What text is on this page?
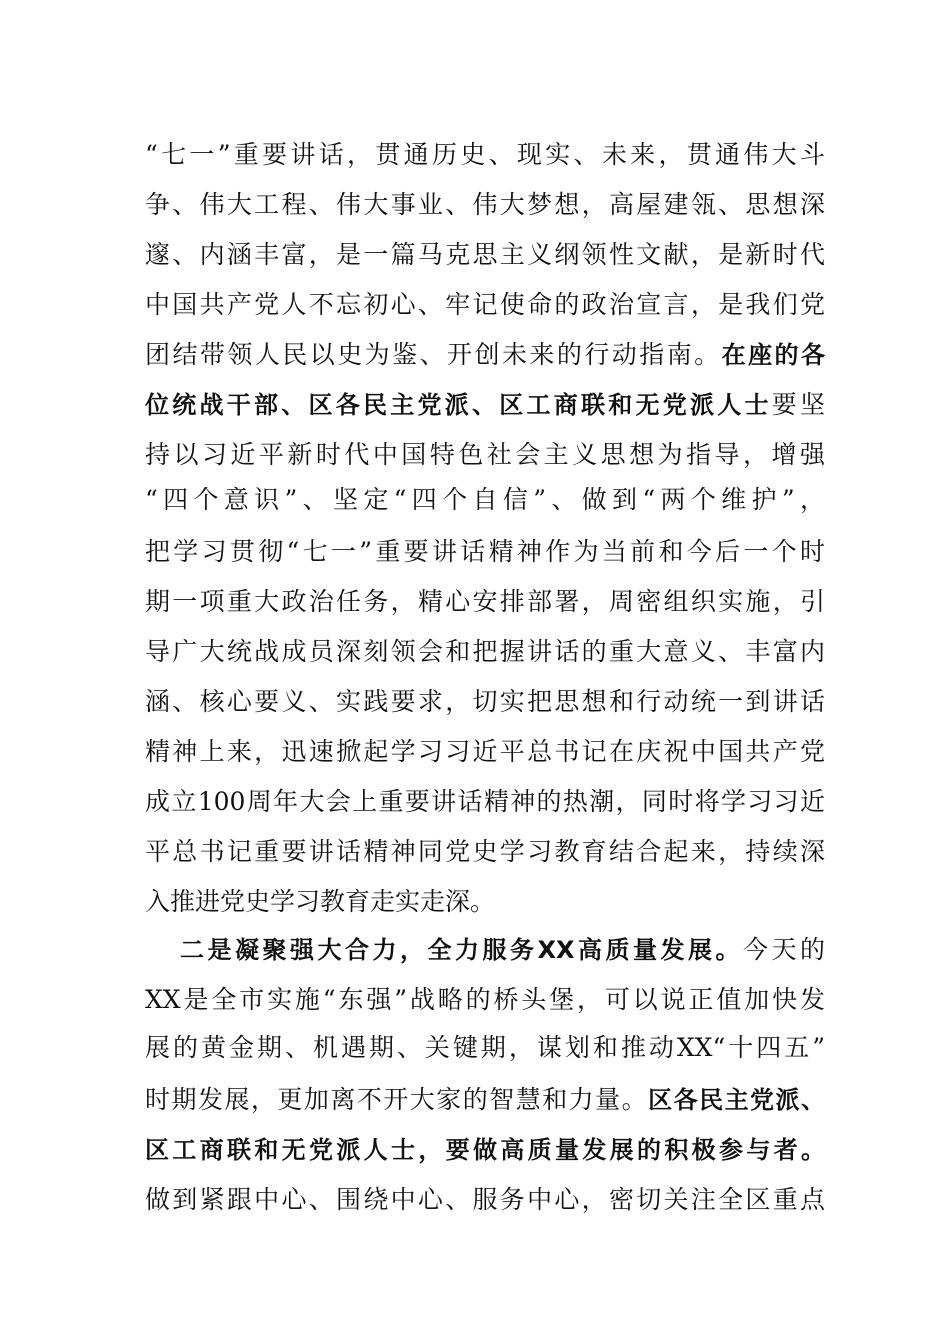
“七一”重要讲话，贯通历史、现实、未来，贯通伟大斗
争、伟大工程、伟大事业、伟大梦想，高屋建瓴、思想深
邃、内涵丰富，是一篇马克思主义纲领性文献，是新时代
中国共产党人不忘初心、牢记使命的政治宣言，是我们党
团结带领人民以史为鉴、开创未来的行动指南。在座的各
位统战干部、区各民主党派、区工商联和无党派人士要坚
持以习近平新时代中国特色社会主义思想为指导，增强
“四个意识”、坚定“四个自信”、做到“两个维护”，
把学习贯彻“七一”重要讲话精神作为当前和今后一个时
期一项重大政治任务，精心安排部署，周密组织实施，引
导广大统战成员深刻领会和把握讲话的重大意义、丰富内
涵、核心要义、实践要求，切实把思想和行动统一到讲话
精神上来，迅速掀起学习习近平总书记在庆祝中国共产党
成立100周年大会上重要讲话精神的热潮，同时将学习习近
平总书记重要讲话精神同党史学习教育结合起来，持续深
入推进党史学习教育走实走深。
二是凝聚强大合力，全力服务XX高质量发展。今天的
XX是全市实施“东强”战略的桥头堡，可以说正值加快发
展的黄金期、机遇期、关键期，谋划和推动XX“十四五”
时期发展，更加离不开大家的智慧和力量。区各民主党派、
区工商联和无党派人士，要做高质量发展的积极参与者。
做到紧跟中心、围绕中心、服务中心，密切关注全区重点
